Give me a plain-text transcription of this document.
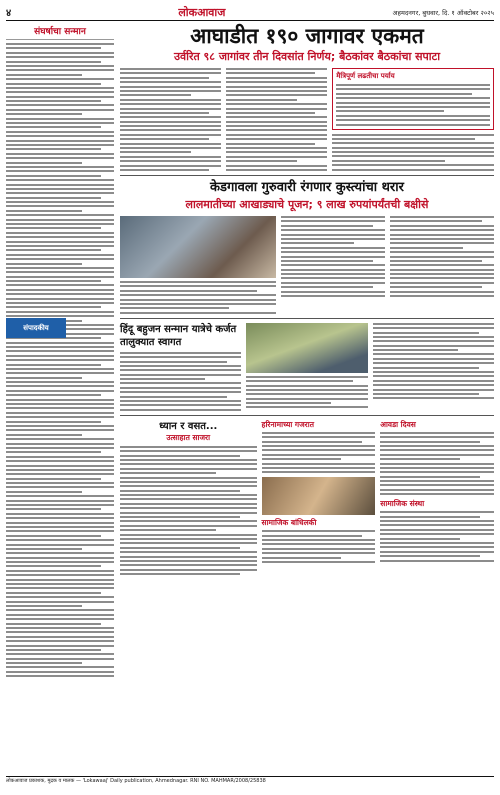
४	लोकआवाज	अहमदनगर, बुधवार, दि. १ ऑक्टोबर २०२५
संघर्षाचा सन्मान
संपादकीय
आघाडीत १९० जागावर एकमत
उर्वरित ९८ जागांवर तीन दिवसांत निर्णय; बैठकांवर बैठकांचा सपाटा
मैत्रिपूर्ण लढतीचा पर्याय
केडगावला गुरुवारी रंगणार कुस्त्यांचा थरार
लालमातीच्या आखाड्याचे पूजन; ९ लाख रुपयांपर्यंतची बक्षीसे
हिंदू बहुजन सन्मान यात्रेचे कर्जत तालुक्यात स्वागत
ध्यान र वसत...
उत्साहात साजरा
हरिनामाच्या गजरात
सामाजिक बांधिलकी
आवडा दिवस
सामाजिक संस्था
लोकआवाज प्रकाशक, मुद्रक व मालक — 'Lokawaaj' Daily publication, Ahmednagar. RNI NO. MAHMAR/2008/25838
